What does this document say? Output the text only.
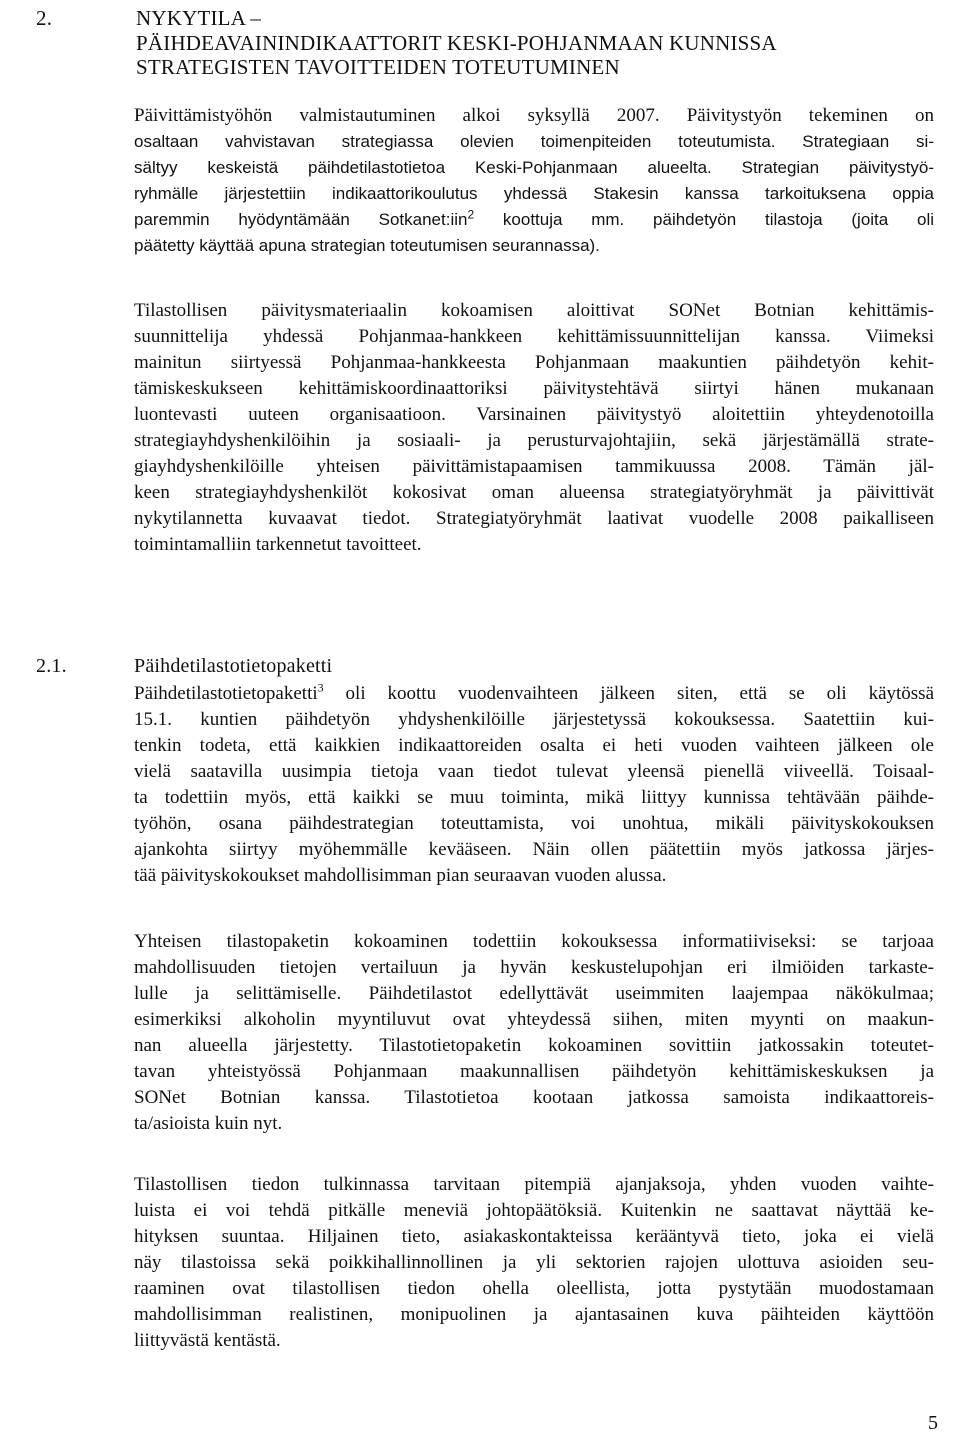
2.	NYKYTILA –
PÄIHDEAVAININDIKAATTORIT KESKI-POHJANMAAN KUNNISSA
STRATEGISTEN TAVOITTEIDEN TOTEUTUMINEN
Päivittämistyöhön valmistautuminen alkoi syksyllä 2007. Päivitystyön tekeminen on
osaltaan vahvistavan strategiassa olevien toimenpiteiden toteutumista. Strategiaan si-
sältyy keskeistä päihdetilastotietoa Keski-Pohjanmaan alueelta. Strategian päivitystyö-
ryhmälle järjestettiin indikaattorikoulutus yhdessä Stakesin kanssa tarkoituksena oppia
paremmin hyödyntämään Sotkanet:iin$^2$ koottuja mm. päihdetyön tilastoja (joita oli
päätetty käyttää apuna strategian toteutumisen seurannassa).
Tilastollisen päivitysmateriaalin kokoamisen aloittivat SONet Botnian kehittämis-
suunnittelija yhdessä Pohjanmaa-hankkeen kehittämissuunnittelijan kanssa. Viimeksi
mainitun siirtyessä Pohjanmaa-hankkeesta Pohjanmaan maakuntien päihdetyön kehit-
tämiskeskukseen kehittämiskoordinaattoriksi päivitystehtävä siirtyi hänen mukanaan
luontevasti uuteen organisaatioon. Varsinainen päivitystyö aloitettiin yhteydenotoilla
strategiayhdyshenkilöihin ja sosiaali- ja perusturvajohtajiin, sekä järjestämällä strate-
giayhdyshenkilöille yhteisen päivittämistapaamisen tammikuussa 2008. Tämän jäl-
keen strategiayhdyshenkilöt kokosivat oman alueensa strategiatyöryhmät ja päivittivät
nykytilannetta kuvaavat tiedot. Strategiatyöryhmät laativat vuodelle 2008 paikalliseen
toimintamalliin tarkennetut tavoitteet.
2.1.	Päihdetilastotietopaketti
Päihdetilastotietopaketti$^3$ oli koottu vuodenvaihteen jälkeen siten, että se oli käytössä
15.1. kuntien päihdetyön yhdyshenkilöille järjestetyssä kokouksessa. Saatettiin kui-
tenkin todeta, että kaikkien indikaattoreiden osalta ei heti vuoden vaihteen jälkeen ole
vielä saatavilla uusimpia tietoja vaan tiedot tulevat yleensä pienellä viiveellä. Toisaal-
ta todettiin myös, että kaikki se muu toiminta, mikä liittyy kunnissa tehtävään päihde-
työhön, osana päihdestrategian toteuttamista, voi unohtua, mikäli päivityskokouksen
ajankohta siirtyy myöhemmälle kevääseen. Näin ollen päätettiin myös jatkossa järjes-
tää päivityskokoukset mahdollisimman pian seuraavan vuoden alussa.
Yhteisen tilastopaketin kokoaminen todettiin kokouksessa informatiiviseksi: se tarjoaa
mahdollisuuden tietojen vertailuun ja hyvän keskustelupohjan eri ilmiöiden tarkaste-
lulle ja selittämiselle. Päihdetilastot edellyttävät useimmiten laajempaa näkökulmaa;
esimerkiksi alkoholin myyntiluvut ovat yhteydessä siihen, miten myynti on maakun-
nan alueella järjestetty. Tilastotietopaketin kokoaminen sovittiin jatkossakin toteutet-
tavan yhteistyössä Pohjanmaan maakunnallisen päihdetyön kehittämiskeskuksen ja
SONet Botnian kanssa. Tilastotietoa kootaan jatkossa samoista indikaattoreis-
ta/asioista kuin nyt.
Tilastollisen tiedon tulkinnassa tarvitaan pitempiä ajanjaksoja, yhden vuoden vaihte-
luista ei voi tehdä pitkälle meneviä johtopäätöksiä. Kuitenkin ne saattavat näyttää ke-
hityksen suuntaa. Hiljainen tieto, asiakaskontakteissa kerääntyvä tieto, joka ei vielä
näy tilastoissa sekä poikkihallinnollinen ja yli sektorien rajojen ulottuva asioiden seu-
raaminen ovat tilastollisen tiedon ohella oleellista, jotta pystytään muodostamaan
mahdollisimman realistinen, monipuolinen ja ajantasainen kuva päihteiden käyttöön
liittyvästä kentästä.
5
